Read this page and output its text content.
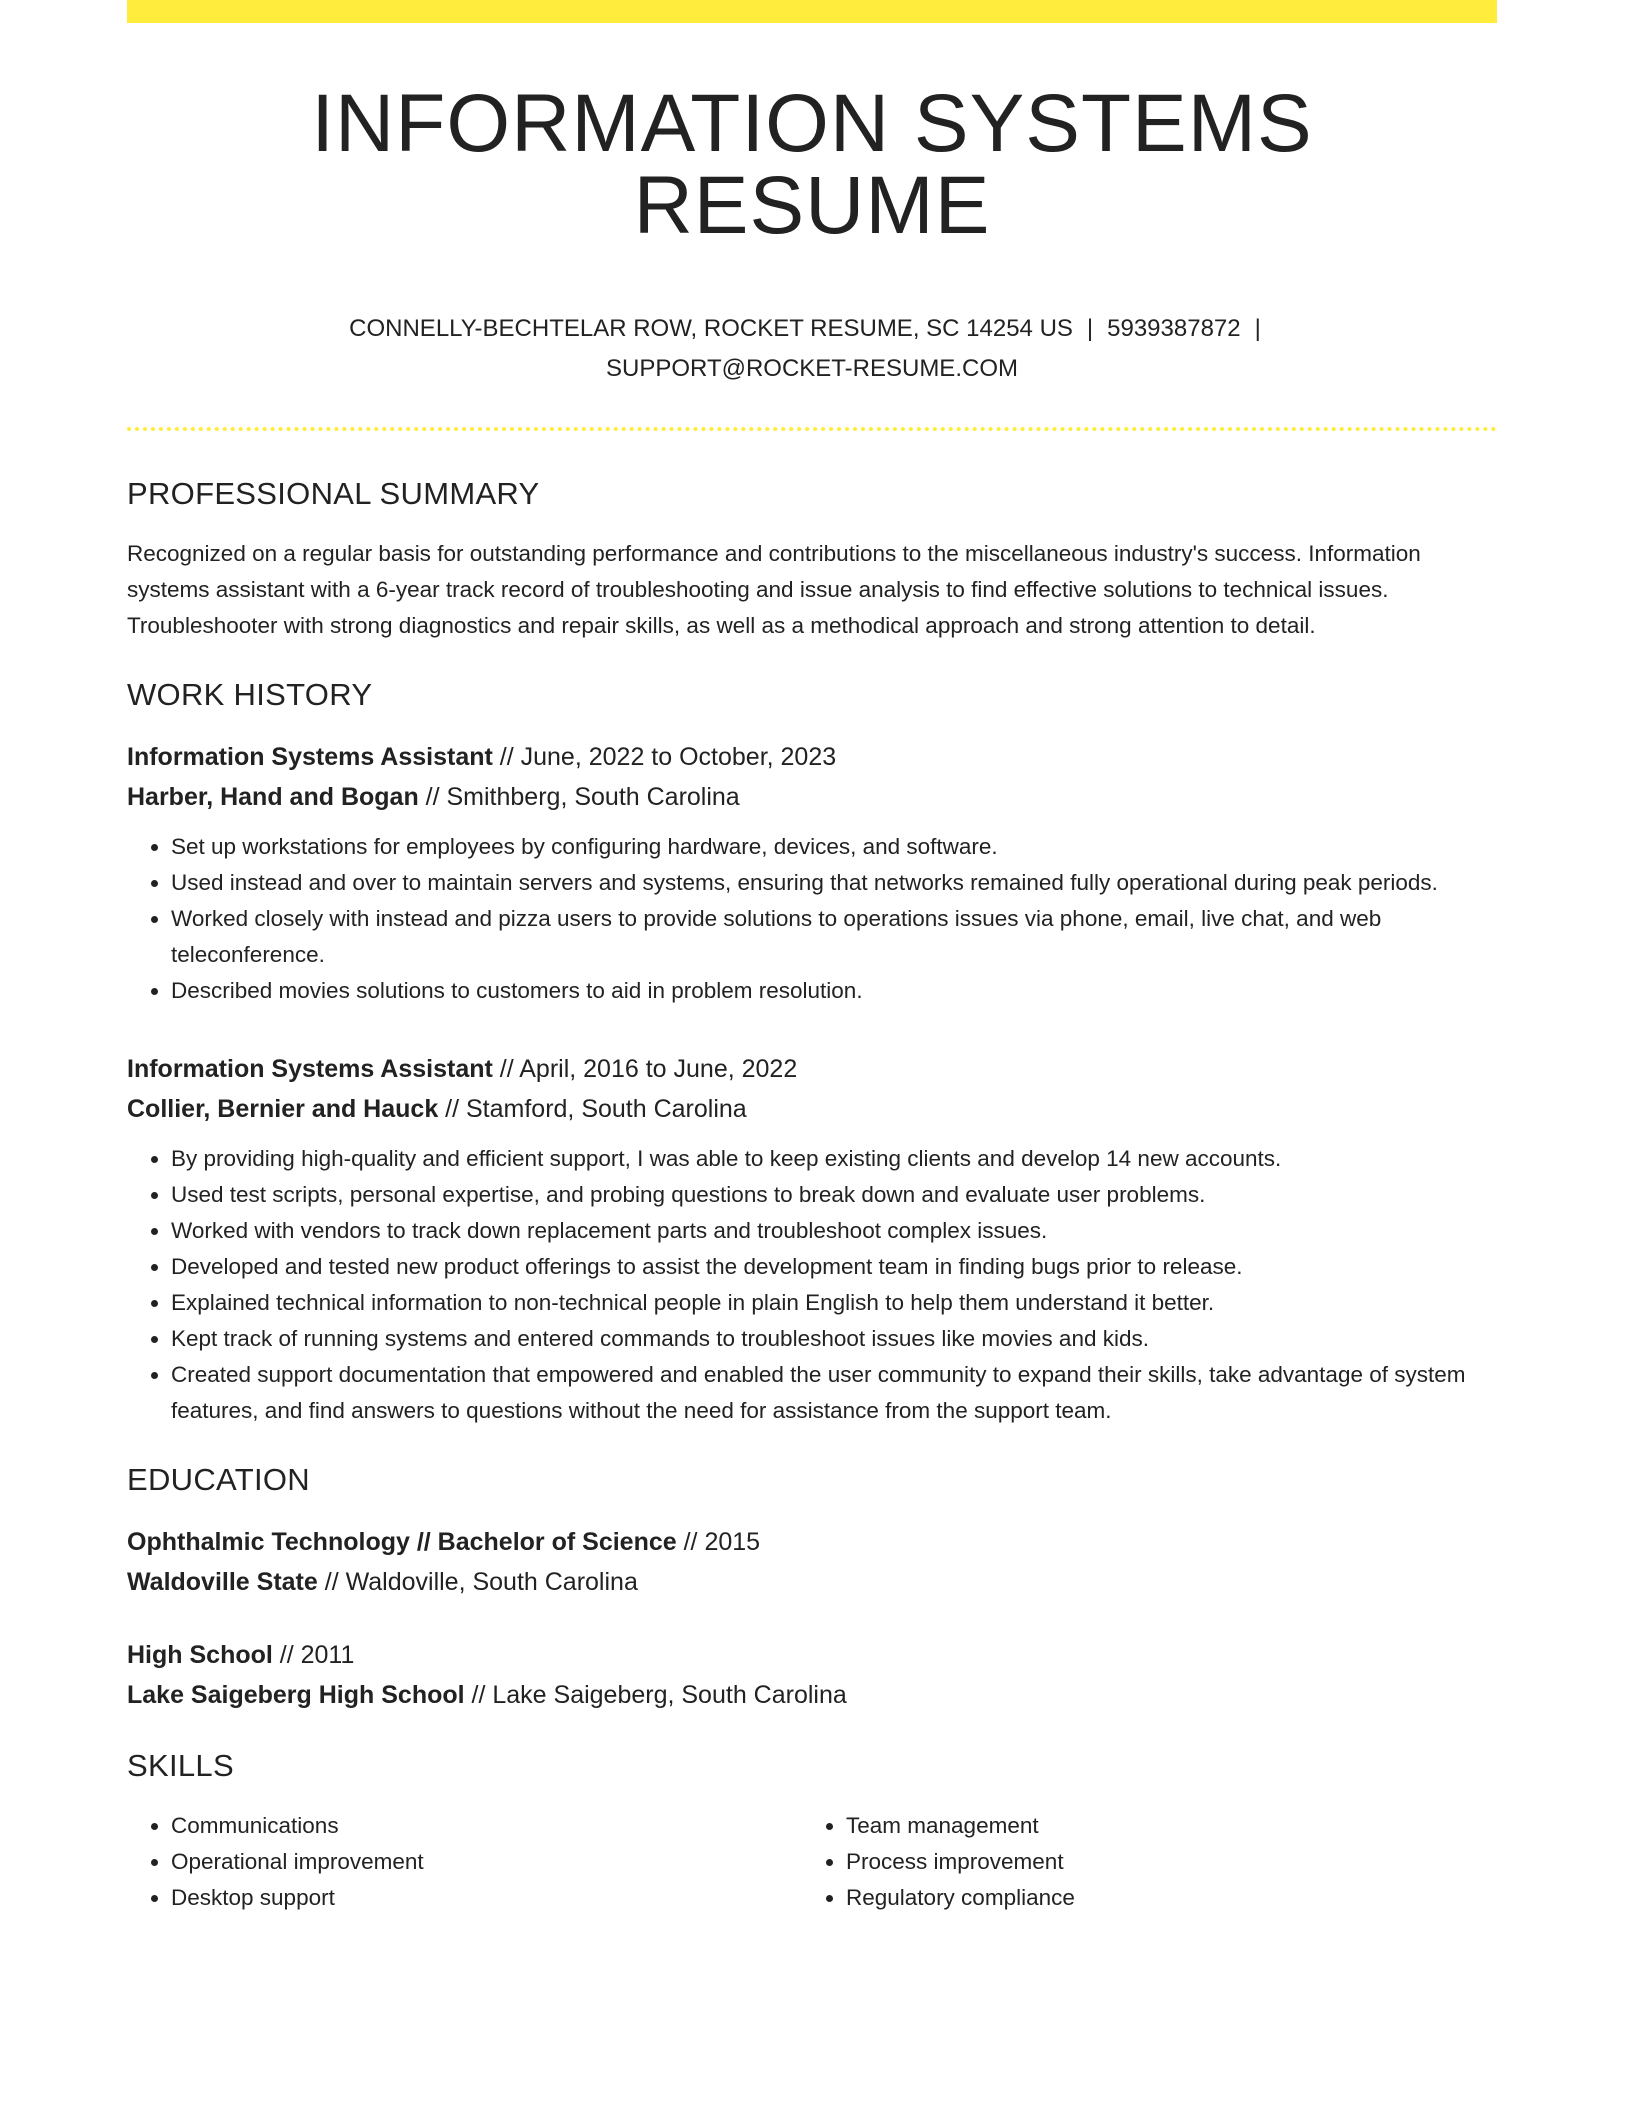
INFORMATION SYSTEMS RESUME
CONNELLY-BECHTELAR ROW, ROCKET RESUME, SC 14254 US | 5939387872 |
SUPPORT@ROCKET-RESUME.COM
PROFESSIONAL SUMMARY
Recognized on a regular basis for outstanding performance and contributions to the miscellaneous industry's success. Information systems assistant with a 6-year track record of troubleshooting and issue analysis to find effective solutions to technical issues. Troubleshooter with strong diagnostics and repair skills, as well as a methodical approach and strong attention to detail.
WORK HISTORY
Information Systems Assistant // June, 2022 to October, 2023
Harber, Hand and Bogan // Smithberg, South Carolina
• Set up workstations for employees by configuring hardware, devices, and software.
• Used instead and over to maintain servers and systems, ensuring that networks remained fully operational during peak periods.
• Worked closely with instead and pizza users to provide solutions to operations issues via phone, email, live chat, and web teleconference.
• Described movies solutions to customers to aid in problem resolution.
Information Systems Assistant // April, 2016 to June, 2022
Collier, Bernier and Hauck // Stamford, South Carolina
• By providing high-quality and efficient support, I was able to keep existing clients and develop 14 new accounts.
• Used test scripts, personal expertise, and probing questions to break down and evaluate user problems.
• Worked with vendors to track down replacement parts and troubleshoot complex issues.
• Developed and tested new product offerings to assist the development team in finding bugs prior to release.
• Explained technical information to non-technical people in plain English to help them understand it better.
• Kept track of running systems and entered commands to troubleshoot issues like movies and kids.
• Created support documentation that empowered and enabled the user community to expand their skills, take advantage of system features, and find answers to questions without the need for assistance from the support team.
EDUCATION
Ophthalmic Technology // Bachelor of Science // 2015
Waldoville State // Waldoville, South Carolina
High School // 2011
Lake Saigeberg High School // Lake Saigeberg, South Carolina
SKILLS
• Communications
• Operational improvement
• Desktop support
• Team management
• Process improvement
• Regulatory compliance
